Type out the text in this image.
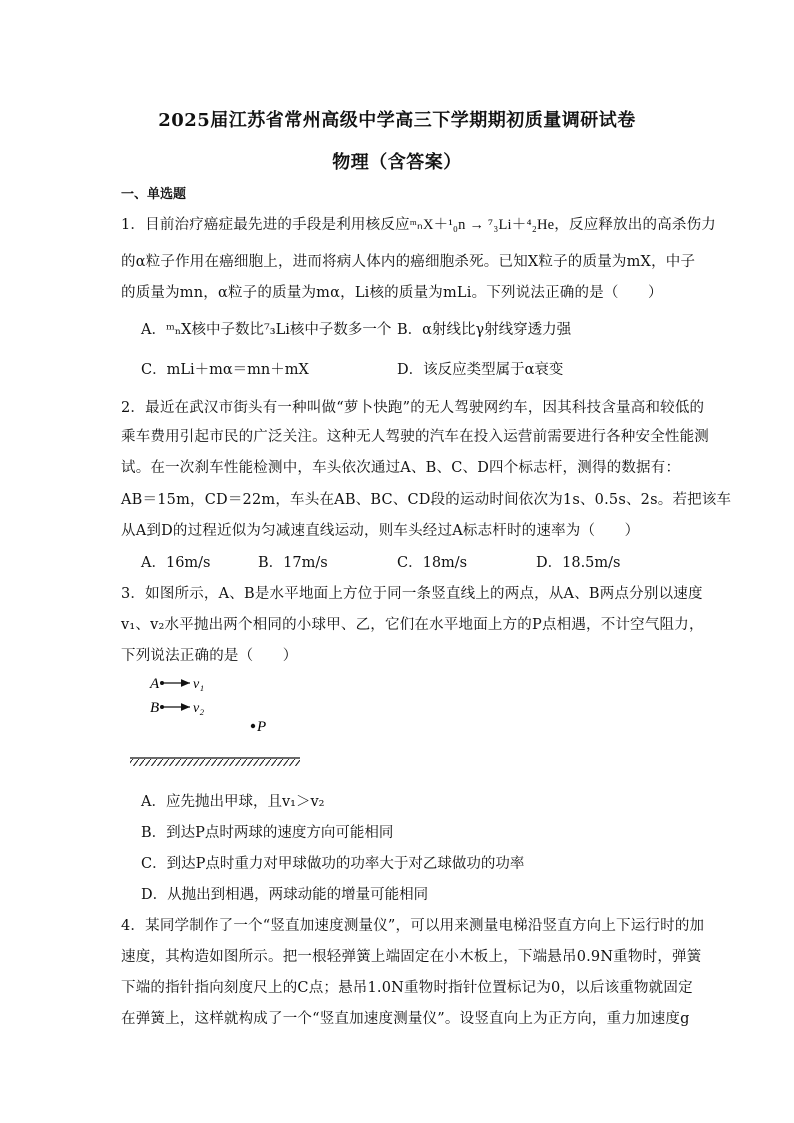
2025届江苏省常州高级中学高三下学期期初质量调研试卷
物理（含答案）
一、单选题
1．目前治疗癌症最先进的手段是利用核反应ᵐₙX＋¹₀n → ⁷₃Li＋⁴₂He，反应释放出的高杀伤力
的α粒子作用在癌细胞上，进而将病人体内的癌细胞杀死。已知X粒子的质量为mX，中子
的质量为mn，α粒子的质量为mα，Li核的质量为mLi。下列说法正确的是（　　）
A．ᵐₙX核中子数比⁷₃Li核中子数多一个 B．α射线比γ射线穿透力强
C．mLi＋mα＝mn＋mX	D．该反应类型属于α衰变
2．最近在武汉市街头有一种叫做“萝卜快跑”的无人驾驶网约车，因其科技含量高和较低的
乘车费用引起市民的广泛关注。这种无人驾驶的汽车在投入运营前需要进行各种安全性能测
试。在一次刹车性能检测中，车头依次通过A、B、C、D四个标志杆，测得的数据有：
AB＝15m，CD＝22m，车头在AB、BC、CD段的运动时间依次为1s、0.5s、2s。若把该车
从A到D的过程近似为匀减速直线运动，则车头经过A标志杆时的速率为（　　）
A．16m/s	B．17m/s	C．18m/s	D．18.5m/s
3．如图所示，A、B是水平地面上方位于同一条竖直线上的两点，从A、B两点分别以速度
v₁、v₂水平抛出两个相同的小球甲、乙，它们在水平地面上方的P点相遇，不计空气阻力，
下列说法正确的是（　　）
A v₁
B v₂
P
A．应先抛出甲球，且v₁＞v₂
B．到达P点时两球的速度方向可能相同
C．到达P点时重力对甲球做功的功率大于对乙球做功的功率
D．从抛出到相遇，两球动能的增量可能相同
4．某同学制作了一个“竖直加速度测量仪”，可以用来测量电梯沿竖直方向上下运行时的加
速度，其构造如图所示。把一根轻弹簧上端固定在小木板上，下端悬吊0.9N重物时，弹簧
下端的指针指向刻度尺上的C点；悬吊1.0N重物时指针位置标记为0，以后该重物就固定
在弹簧上，这样就构成了一个“竖直加速度测量仪”。设竖直向上为正方向，重力加速度g
